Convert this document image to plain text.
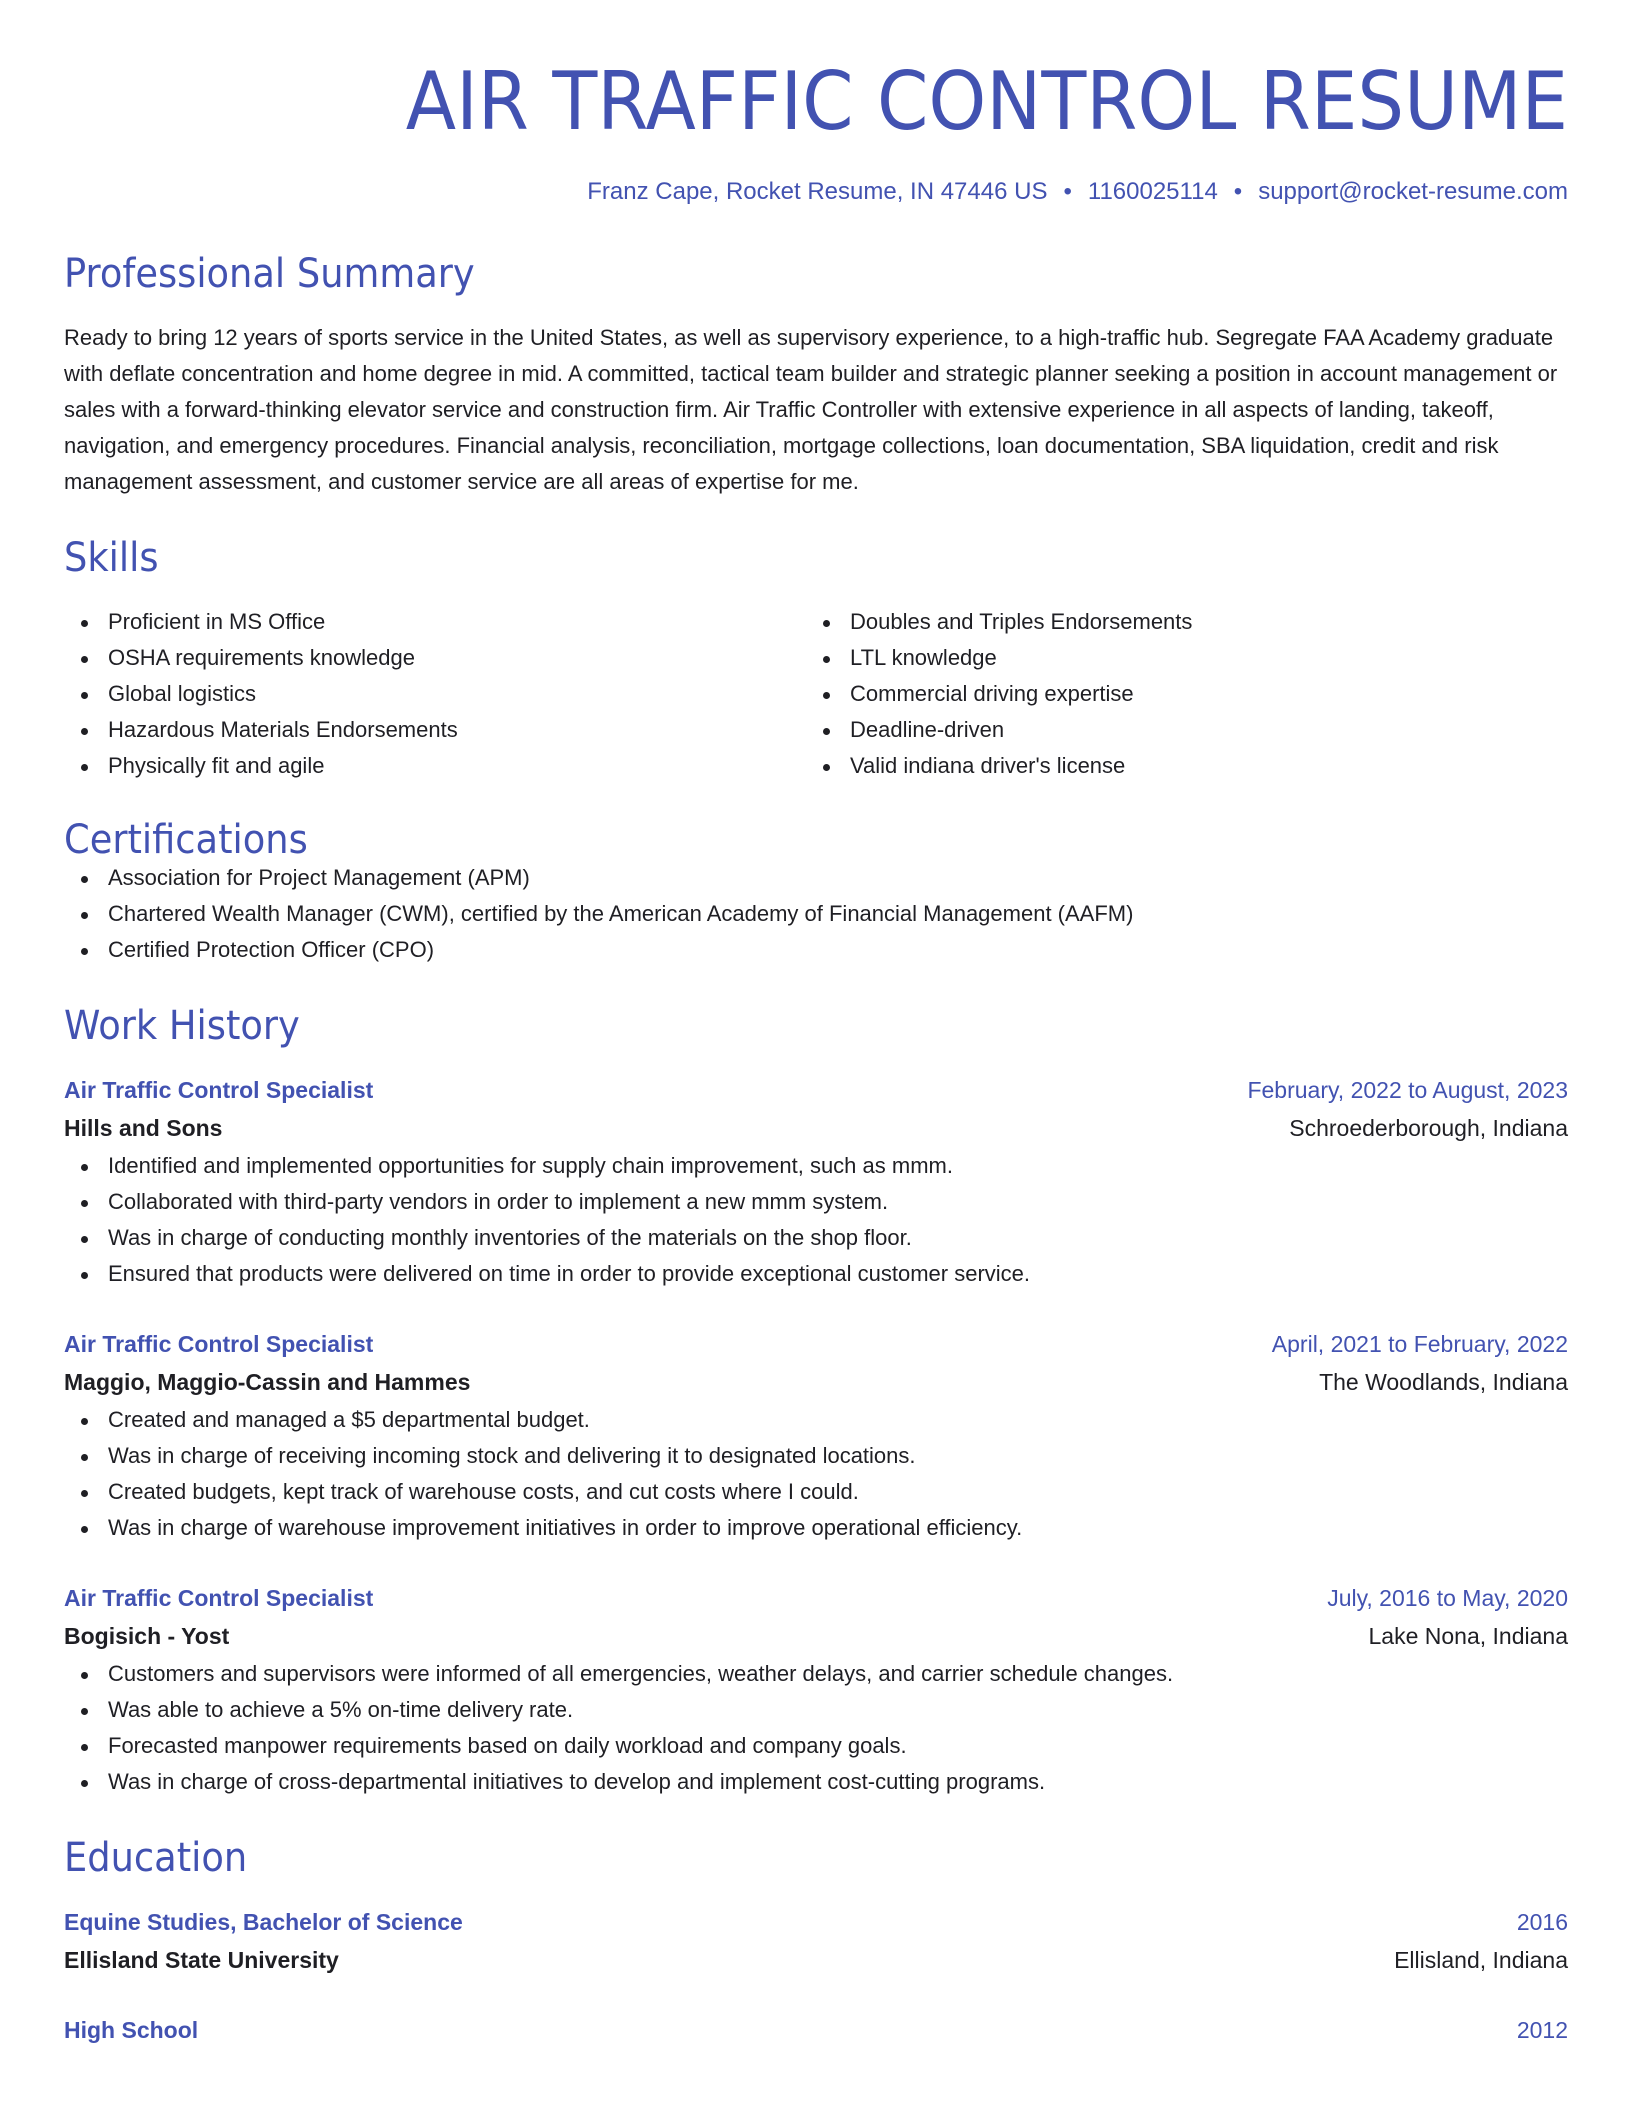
AIR TRAFFIC CONTROL RESUME
Franz Cape, Rocket Resume, IN 47446 US • 1160025114 • support@rocket-resume.com
Professional Summary
Ready to bring 12 years of sports service in the United States, as well as supervisory experience, to a high-traffic hub. Segregate FAA Academy graduate with deflate concentration and home degree in mid. A committed, tactical team builder and strategic planner seeking a position in account management or sales with a forward-thinking elevator service and construction firm. Air Traffic Controller with extensive experience in all aspects of landing, takeoff, navigation, and emergency procedures. Financial analysis, reconciliation, mortgage collections, loan documentation, SBA liquidation, credit and risk management assessment, and customer service are all areas of expertise for me.
Skills
Proficient in MS Office
OSHA requirements knowledge
Global logistics
Hazardous Materials Endorsements
Physically fit and agile
Doubles and Triples Endorsements
LTL knowledge
Commercial driving expertise
Deadline-driven
Valid indiana driver's license
Certifications
Association for Project Management (APM)
Chartered Wealth Manager (CWM), certified by the American Academy of Financial Management (AAFM)
Certified Protection Officer (CPO)
Work History
Air Traffic Control Specialist	February, 2022 to August, 2023
Hills and Sons	Schroederborough, Indiana
Identified and implemented opportunities for supply chain improvement, such as mmm.
Collaborated with third-party vendors in order to implement a new mmm system.
Was in charge of conducting monthly inventories of the materials on the shop floor.
Ensured that products were delivered on time in order to provide exceptional customer service.
Air Traffic Control Specialist	April, 2021 to February, 2022
Maggio, Maggio-Cassin and Hammes	The Woodlands, Indiana
Created and managed a $5 departmental budget.
Was in charge of receiving incoming stock and delivering it to designated locations.
Created budgets, kept track of warehouse costs, and cut costs where I could.
Was in charge of warehouse improvement initiatives in order to improve operational efficiency.
Air Traffic Control Specialist	July, 2016 to May, 2020
Bogisich - Yost	Lake Nona, Indiana
Customers and supervisors were informed of all emergencies, weather delays, and carrier schedule changes.
Was able to achieve a 5% on-time delivery rate.
Forecasted manpower requirements based on daily workload and company goals.
Was in charge of cross-departmental initiatives to develop and implement cost-cutting programs.
Education
Equine Studies, Bachelor of Science	2016
Ellisland State University	Ellisland, Indiana
High School	2012
